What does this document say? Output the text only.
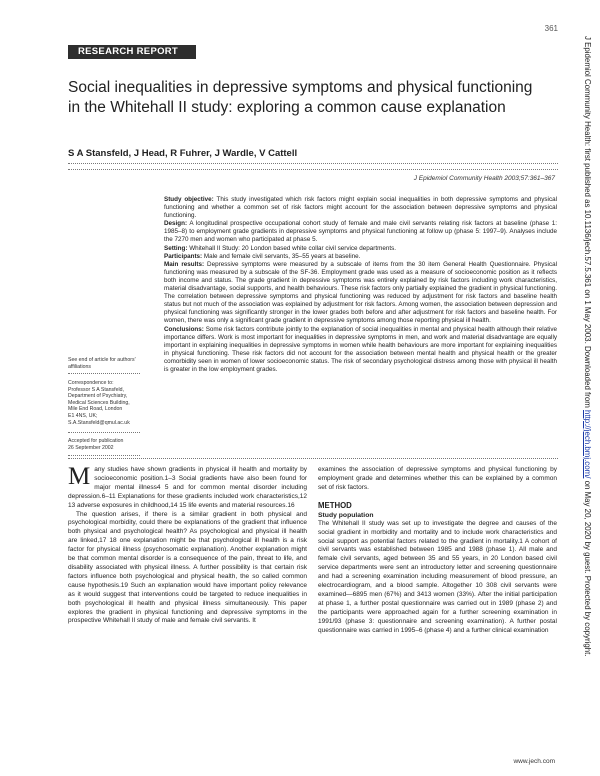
361
RESEARCH REPORT
Social inequalities in depressive symptoms and physical functioning in the Whitehall II study: exploring a common cause explanation
S A Stansfeld, J Head, R Fuhrer, J Wardle, V Cattell
J Epidemiol Community Health 2003;57:361–367

Study objective: This study investigated which risk factors might explain social inequalities in both depressive symptoms and physical functioning and whether a common set of risk factors might account for the association between depressive symptoms and physical functioning.

Design: A longitudinal prospective occupational cohort study of female and male civil servants relating risk factors at baseline (phase 1: 1985–8) to employment grade gradients in depressive symptoms and physical functioning at follow up (phase 5: 1997–9). Analyses include the 7270 men and women who participated at phase 5.

Setting: Whitehall II Study: 20 London based white collar civil service departments.

Participants: Male and female civil servants, 35–55 years at baseline.

Main results: Depressive symptoms were measured by a subscale of items from the 30 item General Health Questionnaire. Physical functioning was measured by a subscale of the SF-36. Employment grade was used as a measure of socioeconomic position as it reflects both income and status. The grade gradient in depressive symptoms was entirely explained by risk factors including work characteristics, material disadvantage, social supports, and health behaviours. These risk factors only partially explained the gradient in physical functioning. The correlation between depressive symptoms and physical functioning was reduced by adjustment for risk factors and baseline health status but not much of the association was explained by adjustment for risk factors. Among women, the association between depression and physical functioning was significantly stronger in the lower grades both before and after adjustment for risk factors and baseline health. For women, there was only a significant grade gradient in depressive symptoms among those reporting physical ill health.

Conclusions: Some risk factors contribute jointly to the explanation of social inequalities in mental and physical health although their relative importance differs. Work is most important for inequalities in depressive symptoms in men, and work and material disadvantage are equally important in explaining inequalities in depressive symptoms in women while health behaviours are more important for explaining inequalities in physical functioning. These risk factors did not account for the association between mental health and physical health or the greater comorbidity seen in women of lower socioeconomic status. The risk of secondary psychological distress among those with physical ill health is greater in the low employment grades.

See end of article for authors' affiliations
Correspondence to:
Professor S A Stansfeld,
Department of Psychiatry,
Medical Sciences Building,
Mile End Road, London
E1 4NS, UK;
S.A.Stansfeld@qmul.ac.uk
Accepted for publication
26 September 2002

Many studies have shown gradients in physical ill health and mortality by socioeconomic position.1–3 Social gradients have also been found for major mental illness4 5 and for common mental disorder including depression.6–11 Explanations for these gradients included work characteristics,12 13 adverse exposures in childhood,14 15 life events and material resources.16

The question arises, if there is a similar gradient in both physical and psychological morbidity, could there be explanations of the gradient that influence both physical and psychological health? As psychological and physical ill health are linked,17 18 one explanation might be that psychological ill health is a risk factor for physical illness (psychosomatic explanation). Another explanation might be that common mental disorder is a consequence of the pain, threat to life, and disability associated with physical illness. A further possibility is that certain risk factors influence both psychological and physical health, the so called common cause hypothesis.19 Such an explanation would have important policy relevance as it would suggest that interventions could be targeted to reduce inequalities in both psychological ill health and physical illness simultaneously. This paper explores the gradient in physical functioning and depressive symptoms in the prospective Whitehall II study of male and female civil servants. It

examines the association of depressive symptoms and physical functioning by employment grade and determines whether this can be explained by a common set of risk factors.

METHOD

Study population

The Whitehall II study was set up to investigate the degree and causes of the social gradient in morbidity and mortality and to include work characteristics and social support as potential factors related to the gradient in mortality.1 A cohort of civil servants was established between 1985 and 1988 (phase 1). All male and female civil servants, aged between 35 and 55 years, in 20 London based civil service departments were sent an introductory letter and screening questionnaire and had a screening examination including measurement of blood pressure, an electrocardiogram, and a blood sample. Altogether 10 308 civil servants were examined—6895 men (67%) and 3413 women (33%). After the initial participation at phase 1, a further postal questionnaire was carried out in 1989 (phase 2) and the participants were approached again for a further screening examination in 1991/93 (phase 3: questionnaire and screening examination). A further postal questionnaire was carried in 1995–6 (phase 4) and a further clinical examination

J Epidemiol Community Health: first published as 10.1136/jech.57.5.361 on 1 May 2003. Downloaded from http://jech.bmj.com/ on May 20, 2020 by guest. Protected by copyright.
www.jech.com
